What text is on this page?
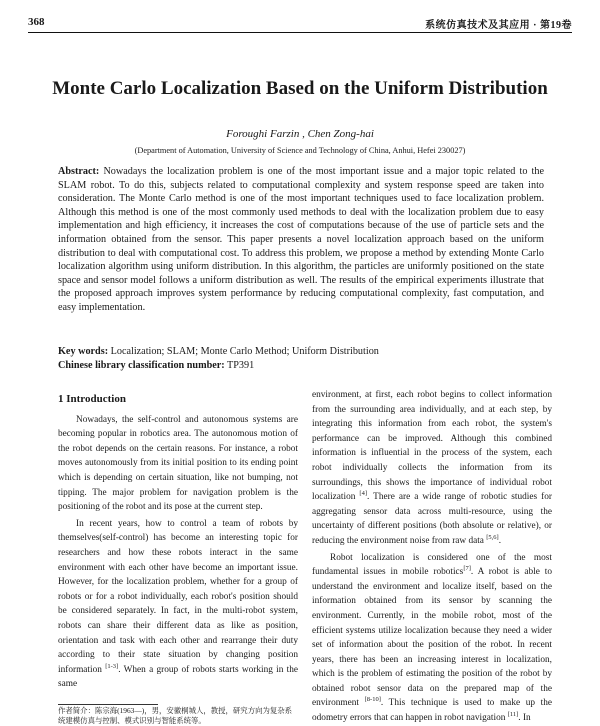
368	系统仿真技术及其应用 · 第19卷
Monte Carlo Localization Based on the Uniform Distribution
Foroughi Farzin , Chen Zong-hai
(Department of Automation, University of Science and Technology of China, Anhui, Hefei 230027)

Abstract: Nowadays the localization problem is one of the most important issue and a major topic related to the SLAM robot. To do this, subjects related to computational complexity and system response speed are taken into consideration. The Monte Carlo method is one of the most important techniques used to face localization problem. Although this method is one of the most commonly used methods to deal with the localization problem due to easy implementation and high efficiency, it increases the cost of computations because of the use of particle sets and the information obtained from the sensor. This paper presents a novel localization approach based on the uniform distribution to deal with computational cost. To address this problem, we propose a method by extending Monte Carlo localization algorithm using uniform distribution. In this algorithm, the particles are uniformly positioned on the state space and sensor model follows a uniform distribution as well. The results of the empirical experiments illustrate that the proposed approach improves system performance by reducing computational complexity, fast computation, and easy implementation.

Key words: Localization; SLAM; Monte Carlo Method; Uniform Distribution

Chinese library classification number: TP391

1 Introduction

Nowadays, the self-control and autonomous systems are becoming popular in robotics area. The autonomous motion of the robot depends on the certain reasons. For instance, a robot moves autonomously from its initial position to its ending point which is depending on certain situation, like not bumping, not tipping. The major problem for navigation problem is the positioning of the robot and its pose at the current step.

In recent years, how to control a team of robots by themselves(self-control) has become an interesting topic for researchers and how these robots interact in the same environment with each other have become an important issue. However, for the localization problem, whether for a group of robots or for a robot individually, each robot's position should be considered separately. In fact, in the multi-robot system, robots can share their different data as like as position, orientation and task with each other and rearrange their duty according to their state situation by changing position information [1-3]. When a group of robots starts working in the same

environment, at first, each robot begins to collect information from the surrounding area individually, and at each step, by integrating this information from each robot, the system's performance can be improved. Although this combined information is influential in the process of the system, each robot individually collects the information from its surroundings, this shows the importance of individual robot localization [4]. There are a wide range of robotic studies for aggregating sensor data across multi-resource, using the uncertainty of different positions (both absolute or relative), or reducing the environment noise from raw data [5,6].

Robot localization is considered one of the most fundamental issues in mobile robotics[7]. A robot is able to understand the environment and localize itself, based on the information obtained from its sensor by scanning the environment. Currently, in the mobile robot, most of the efficient systems utilize localization because they need a wider set of information about the position of the robot. In recent years, there has been an increasing interest in localization, which is the problem of estimating the position of the robot by obtained robot sensor data on the prepared map of the environment [8-10]. This technique is used to make up the odometry errors that can happen in robot navigation [11]. In

作者简介：陈宗海(1963—)，男，安徽桐城人，教授，研究方向为复杂系统建模仿真与控制、模式识别与智能系统等。
